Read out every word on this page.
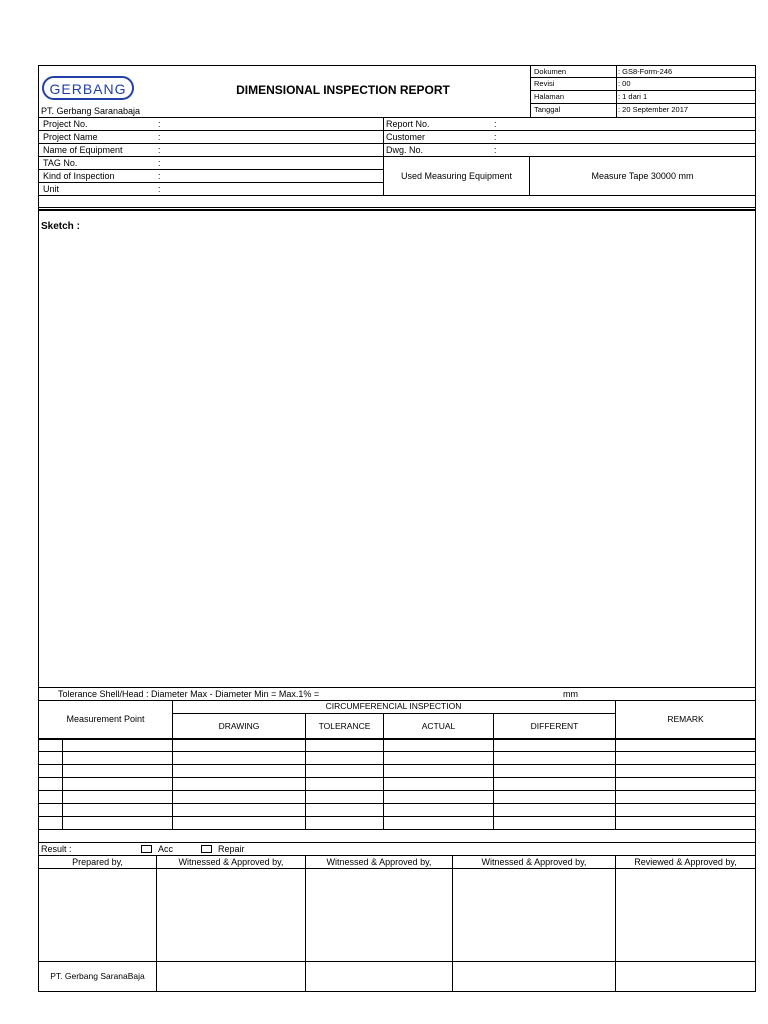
GERBANG
PT. Gerbang Saranabaja
DIMENSIONAL INSPECTION REPORT
Dokumen	: GS8-Form-246
Revisi	: 00
Halaman	: 1 dari 1
Tanggal	: 20 September 2017
Project No.	:
Project Name	:
Name of Equipment	:
TAG No.	:
Kind of Inspection	:
Unit	:
Report No.	:
Customer	:
Dwg. No.	:
Used Measuring Equipment	Measure Tape 30000 mm
Sketch :
Tolerance Shell/Head : Diameter Max - Diameter Min = Max.1% =	mm
CIRCUMFERENCIAL INSPECTION
Measurement Point
DRAWING	TOLERANCE	ACTUAL	DIFFERENT
REMARK
Result :	Acc	Repair
Prepared by,	Witnessed & Approved by,	Witnessed & Approved by,	Witnessed & Approved by,	Reviewed & Approved by,
PT. Gerbang SaranaBaja
